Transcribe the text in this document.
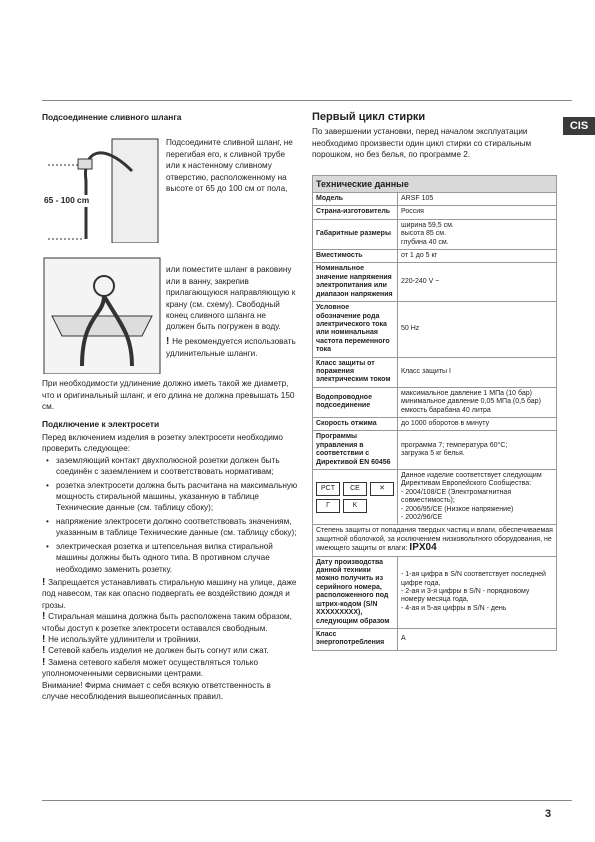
CIS
Подсоединение сливного шланга
65 - 100 cm

Подсоедините сливной шланг, не перегибая его, к сливной трубе или к настенному сливному отверстию, расположенному на высоте от 65 до 100 см от пола,

или поместите шланг в раковину или в ванну, закрепив прилагающуюся направляющую к крану (см. схему). Свободный конец сливного шланга не должен быть погружен в воду.

! Не рекомендуется использовать удлинительные шланги.

При необходимости удлинение должно иметь такой же диаметр, что и оригинальный шланг, и его длина не должна превышать 150 см.

Подключение к электросети

Перед включением изделия в розетку электросети необходимо проверить следующее:

• заземляющий контакт двухполюсной розетки должен быть соединён с заземлением и соответствовать нормативам;
• розетка электросети должна быть расчитана на максимальную мощность стиральной машины, указанную в таблице Технические данные (см. таблицу сбоку);
• напряжение электросети должно соответствовать значениям, указанным в таблице Технические данные (см. таблицу сбоку);
• электрическая розетка и штепсельная вилка стиральной машины должны быть одного типа. В противном случае необходимо заменить розетку.

! Запрещается устанавливать стиральную машину на улице, даже под навесом, так как опасно подвергать ее воздействию дождя и грозы.

! Стиральная машина должна быть расположена таким образом, чтобы доступ к розетке электросети оставался свободным.

! Не используйте удлинители и тройники.

! Сетевой кабель изделия не должен быть согнут или сжат.

! Замена сетевого кабеля может осуществляться только уполномоченными сервисными центрами.

Внимание! Фирма снимает с себя всякую ответственность в случае несоблюдения вышеописанных правил.

Первый цикл стирки

По завершении установки, перед началом эксплуатации необходимо произвести один цикл стирки со стиральным порошком, но без белья, по программе 2.

Технические данные	
Модель	ARSF 105
Страна-изготовитель	Россия
Габаритные размеры	ширина 59,5 см.
высота 85 см.
глубина 40 см.
Вместимость	от 1 до 5 кг
Номинальное значение напряжения электропитания или диапазон напряжения	220-240 V ~
Условное обозначение рода электрического тока или номинальная частота переменного тока	50 Hz
Класс защиты от поражения электрическим током	Класс защиты I
Водопроводное подсоединение	максимальное давление 1 МПа (10 бар)
минимальное давление 0,05 МПа (0,5 бар)
емкость барабана 40 литра
Скорость отжима	до 1000 оборотов в минуту
Программы управления в соответствии с Директивой EN 60456	программа 7; температура 60°C;
загрузка 5 кг белья.

PCT CE ✕
Г K	Данное изделие соответствует следующим Директивам Европейского Сообщества:
- 2004/108/CE (Электромагнитная совместимость);
- 2006/95/CE (Низкое напряжение)
- 2002/96/CE
Степень защиты от попадания твердых частиц и влаги, обеспечиваемая защитной оболочкой, за исключением низковольтного оборудования, не имеющего защиты от влаги: IPX04	
Дату производства данной техники можно получить из серийного номера, расположенного под штрих-кодом (S/N XXXXXXXXX), следующим образом	- 1-ая цифра в S/N соответствует последней цифре года,
- 2-ая и 3-я цифры в S/N - порядковому номеру месяца года,
- 4-ая и 5-ая цифры в S/N - день
Класс энергопотребления	A
3
